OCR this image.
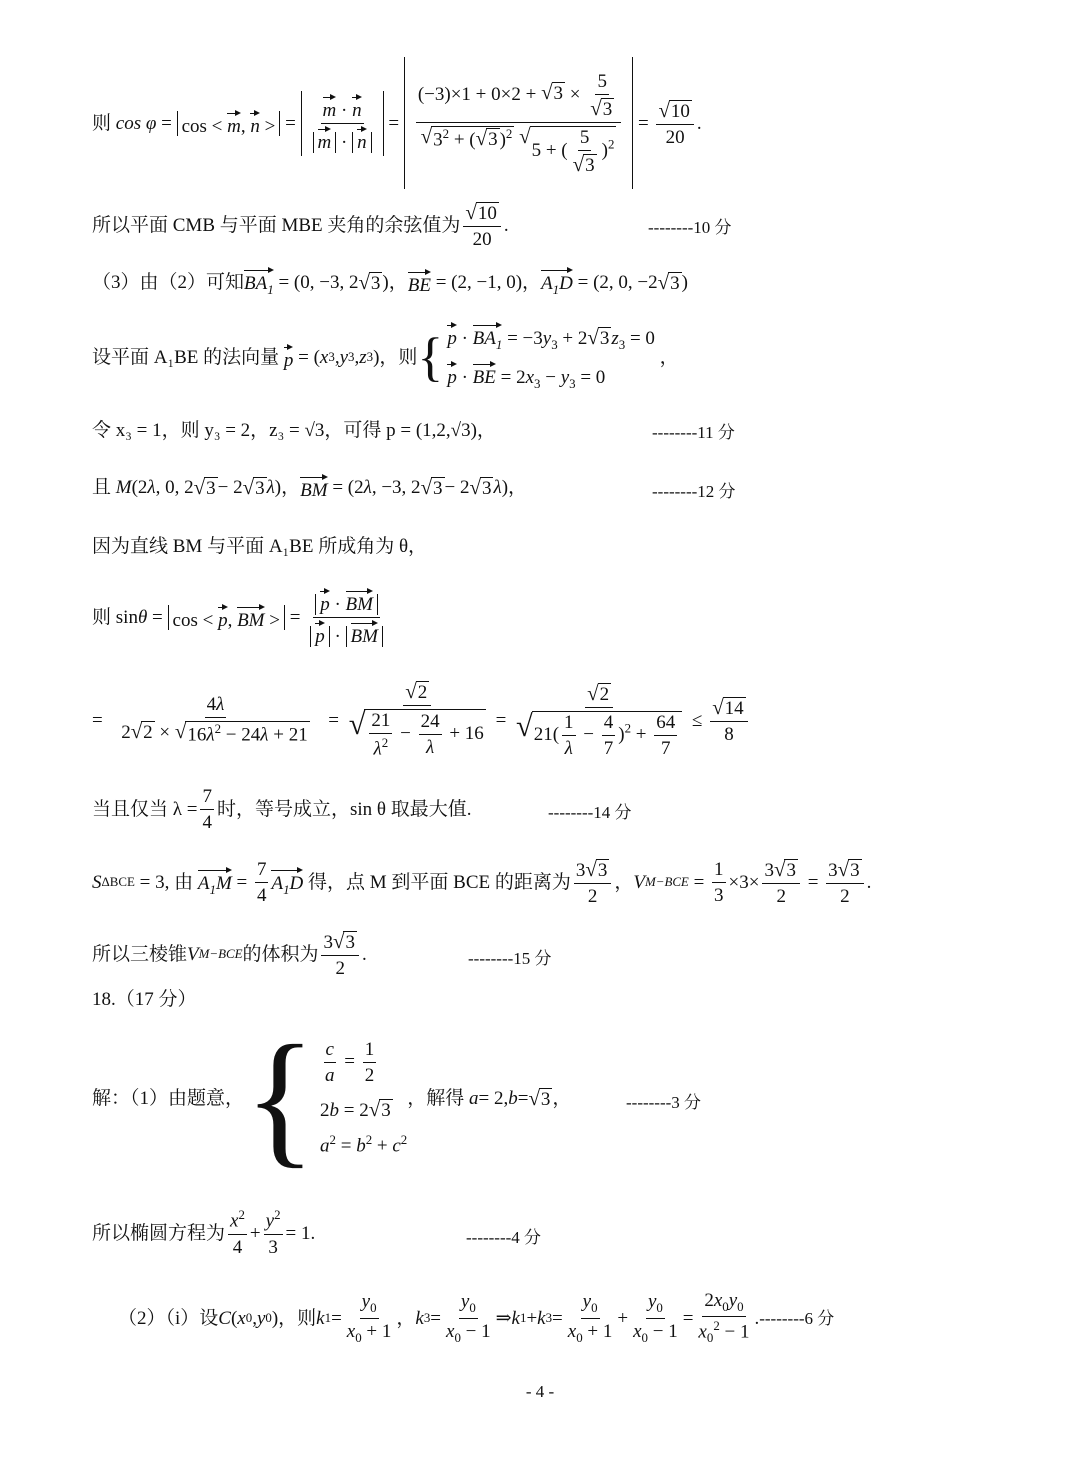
则 cos φ = cos < m, n > = $\frac{m \cdot n}{m \cdot n} = (-3)\times 1 + 0\times 2$ + √ $3 \times \frac{5}{√ 3}$
√ $3^2$ + ( √ 3 )$^2$
√
5 + ( $\frac{5}{√ 3} )^2 = \frac{√ 10}{20}$ .
所以平面 CMB 与平面 MBE 夹角的余弦值为 $\frac{√ 10}{20}$ .	--------10 分
（3）由（2）可知 $BA_1 = (0$, −3, 2 √ 3 )， BE = (2, −1, 0)， $A_1D = (2$, 0, −2 √ 3 )
设平面 A₁BE 的法向量
p = ( x 3 , y 3 , z 3 ) ，则 { $p \cdot BA_1 = -3y_3 + 2$ √ 3 $z_3 = 0$
p · BE = $2x_3 - y_3 = 0$
，
令 x₃ = 1，则 y₃ = 2，z₃ = √3，可得 p = (1,2,√3)，	--------11 分
且
M (2 λ , 0, 2 √ 3 − 2 √ 3 λ )， BM = (2 λ , −3, 2 √ 3 − 2 √ 3 λ )，	--------12 分
因为直线 BM 与平面 A₁BE 所成角为 θ，
则 sin θ = cos < p, BM > = $\frac{p \cdot BM}{p \cdot BM}$
= $\frac{4\lambda}{2 √ 2 \times √ 16\lambda^2 - 24\lambda + 21} = \frac{√ 2}{√ \frac{21}{\lambda^2} - \frac{24}{\lambda} + 16} = \frac{√ 2}{√ 21( \frac{1}{\lambda} - \frac{4}{7} )^2 + \frac{64}{7}} \le \frac{√ 14}{8}$
当且仅当 $\lambda = \frac{7}{4}$ 时，等号成立，sin θ 取最大值.	--------14 分
S ΔBCE = 3, 由 $A_1M = \frac{7}{4} A_1D$
得，点 M 到平面 BCE 的距离为 $\frac{3 √ 3}{2}$ ， V $M-BCE = \frac{1}{3} \times 3\times \frac{3 √ 3}{2} = \frac{3 √ 3}{2}$ .
所以三棱锥 V M−BCE 的体积为 $\frac{3 √ 3}{2}$ .	--------15 分
18.（17 分）
解：（1）由题意， { $\frac{c}{a} = \frac{1}{2}$
2b = 2 √ 3
$a^2 = b^2 + c^2$
，解得
a = 2, b = √ 3 ，	--------3 分
所以椭圆方程为 $\frac{x^2}{4} + \frac{y^2}{3} = 1$.	--------4 分
（2）（i）设 C ( x 0 , y 0 ) ，则 k $1 = \frac{y_0}{x_0 + 1}$ ， k $3 = \frac{y_0}{x_0 - 1}$ ⇒ k 1 + k $3 = \frac{y_0}{x_0 + 1} + \frac{y_0}{x_0 - 1} = \frac{2x_0y_0}{x_0^2 - 1}$ . --------6 分
- 4 -
